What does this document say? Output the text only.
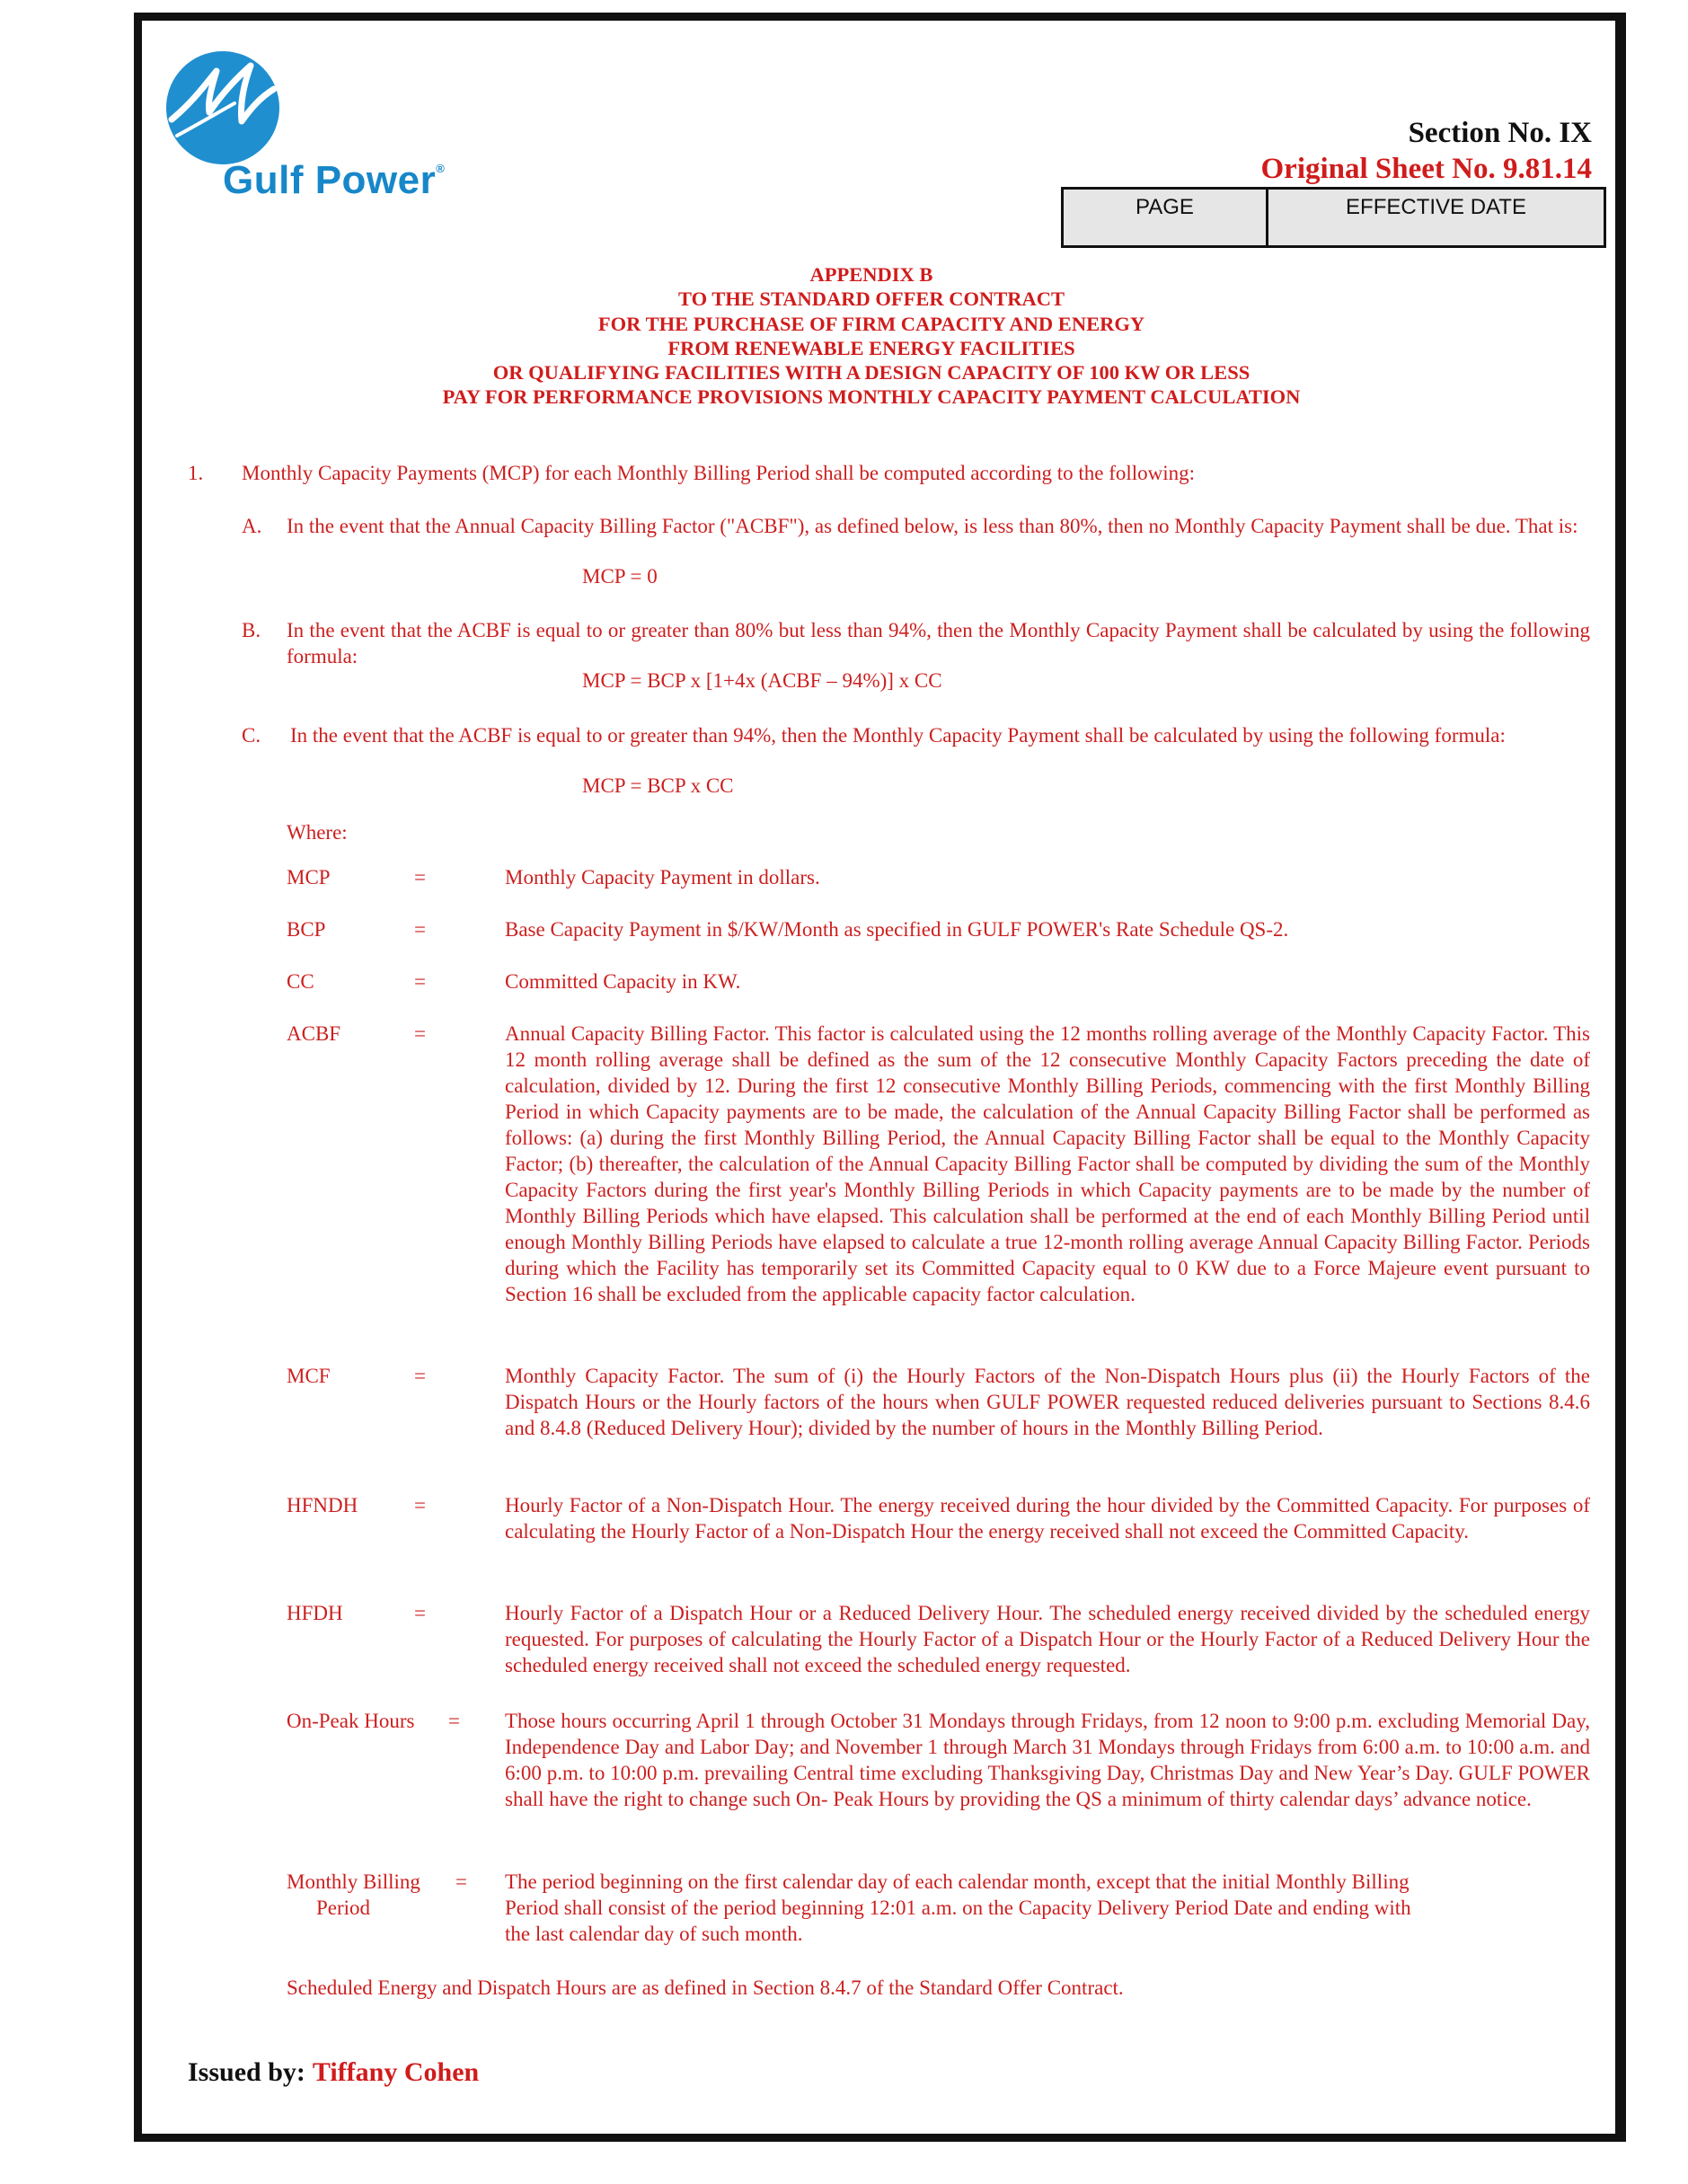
Gulf Power®
Section No. IX
Original Sheet No. 9.81.14
PAGE	EFFECTIVE DATE
APPENDIX B
TO THE STANDARD OFFER CONTRACT
FOR THE PURCHASE OF FIRM CAPACITY AND ENERGY
FROM RENEWABLE ENERGY FACILITIES
OR QUALIFYING FACILITIES WITH A DESIGN CAPACITY OF 100 KW OR LESS
PAY FOR PERFORMANCE PROVISIONS MONTHLY CAPACITY PAYMENT CALCULATION
1. Monthly Capacity Payments (MCP) for each Monthly Billing Period shall be computed according to the following:
A. In the event that the Annual Capacity Billing Factor ("ACBF"), as defined below, is less than 80%, then no Monthly Capacity Payment shall be due. That is:
MCP = 0
B. In the event that the ACBF is equal to or greater than 80% but less than 94%, then the Monthly Capacity Payment shall be calculated by using the following formula:
MCP = BCP x [1+4x (ACBF – 94%)] x CC
C. In the event that the ACBF is equal to or greater than 94%, then the Monthly Capacity Payment shall be calculated by using the following formula:
MCP = BCP x CC
Where:
MCP	=	Monthly Capacity Payment in dollars.
BCP	=	Base Capacity Payment in $/KW/Month as specified in GULF POWER's Rate Schedule QS-2.
CC	=	Committed Capacity in KW.
ACBF	=	Annual Capacity Billing Factor. This factor is calculated using the 12 months rolling average of the Monthly Capacity Factor. This 12 month rolling average shall be defined as the sum of the 12 consecutive Monthly Capacity Factors preceding the date of calculation, divided by 12. During the first 12 consecutive Monthly Billing Periods, commencing with the first Monthly Billing Period in which Capacity payments are to be made, the calculation of the Annual Capacity Billing Factor shall be performed as follows: (a) during the first Monthly Billing Period, the Annual Capacity Billing Factor shall be equal to the Monthly Capacity Factor; (b) thereafter, the calculation of the Annual Capacity Billing Factor shall be computed by dividing the sum of the Monthly Capacity Factors during the first year's Monthly Billing Periods in which Capacity payments are to be made by the number of Monthly Billing Periods which have elapsed. This calculation shall be performed at the end of each Monthly Billing Period until enough Monthly Billing Periods have elapsed to calculate a true 12-month rolling average Annual Capacity Billing Factor. Periods during which the Facility has temporarily set its Committed Capacity equal to 0 KW due to a Force Majeure event pursuant to Section 16 shall be excluded from the applicable capacity factor calculation.
MCF	=	Monthly Capacity Factor. The sum of (i) the Hourly Factors of the Non-Dispatch Hours plus (ii) the Hourly Factors of the Dispatch Hours or the Hourly factors of the hours when GULF POWER requested reduced deliveries pursuant to Sections 8.4.6 and 8.4.8 (Reduced Delivery Hour); divided by the number of hours in the Monthly Billing Period.
HFNDH	=	Hourly Factor of a Non-Dispatch Hour. The energy received during the hour divided by the Committed Capacity. For purposes of calculating the Hourly Factor of a Non-Dispatch Hour the energy received shall not exceed the Committed Capacity.
HFDH	=	Hourly Factor of a Dispatch Hour or a Reduced Delivery Hour. The scheduled energy received divided by the scheduled energy requested. For purposes of calculating the Hourly Factor of a Dispatch Hour or the Hourly Factor of a Reduced Delivery Hour the scheduled energy received shall not exceed the scheduled energy requested.
On-Peak Hours = Those hours occurring April 1 through October 31 Mondays through Fridays, from 12 noon to 9:00 p.m. excluding Memorial Day, Independence Day and Labor Day; and November 1 through March 31 Mondays through Fridays from 6:00 a.m. to 10:00 a.m. and 6:00 p.m. to 10:00 p.m. prevailing Central time excluding Thanksgiving Day, Christmas Day and New Year’s Day. GULF POWER shall have the right to change such On- Peak Hours by providing the QS a minimum of thirty calendar days’ advance notice.
Monthly Billing
Period
= The period beginning on the first calendar day of each calendar month, except that the initial Monthly Billing
Period shall consist of the period beginning 12:01 a.m. on the Capacity Delivery Period Date and ending with
the last calendar day of such month.
Scheduled Energy and Dispatch Hours are as defined in Section 8.4.7 of the Standard Offer Contract.
Issued by: Tiffany Cohen
